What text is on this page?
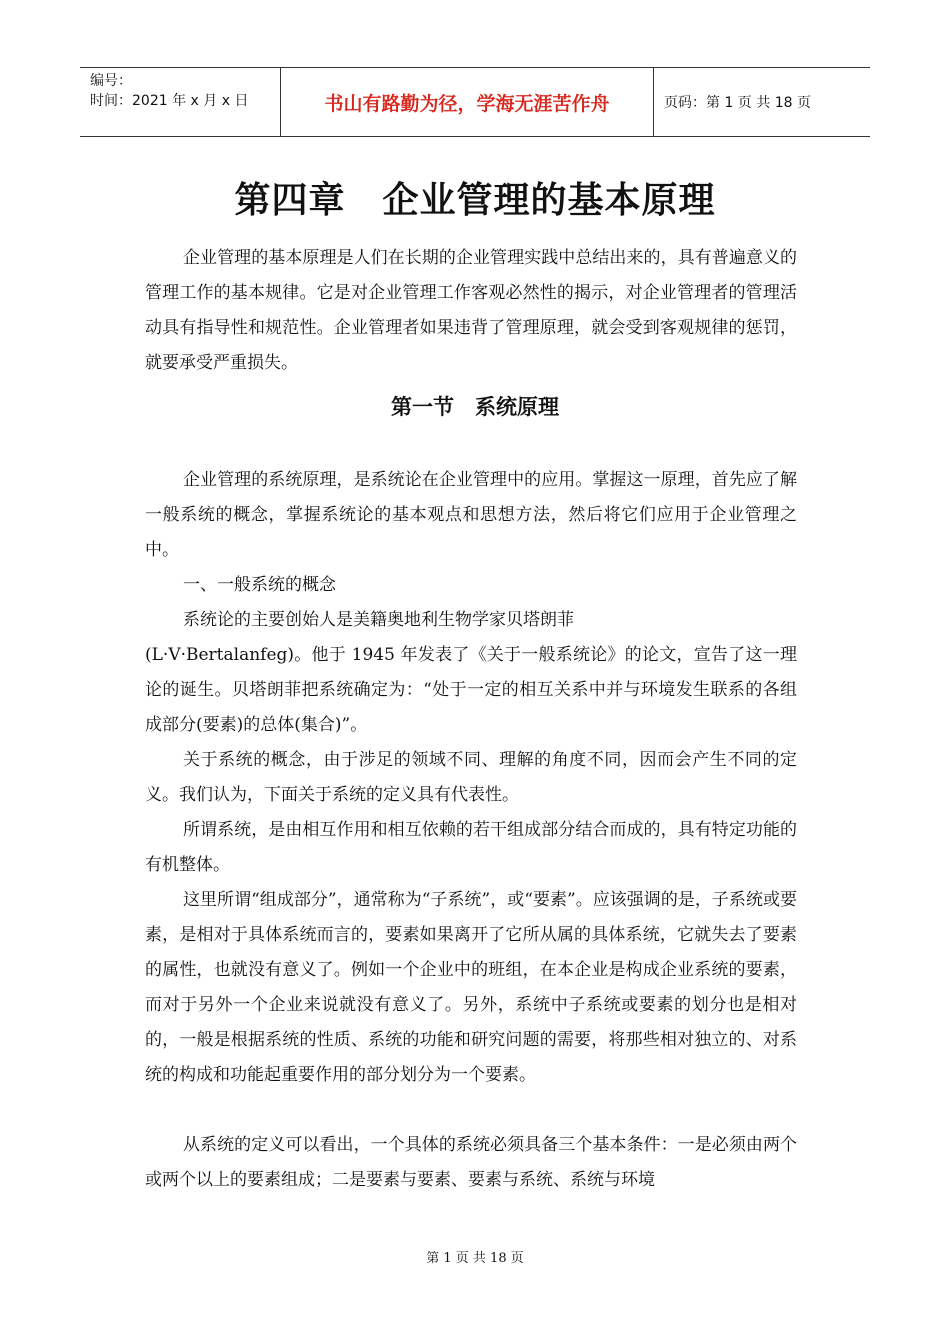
编号：
时间：2021 年 x 月 x 日	书山有路勤为径，学海无涯苦作舟	页码：第 1 页 共 18 页
第四章　企业管理的基本原理

企业管理的基本原理是人们在长期的企业管理实践中总结出来的，具有普遍意义的管理工作的基本规律。它是对企业管理工作客观必然性的揭示，对企业管理者的管理活动具有指导性和规范性。企业管理者如果违背了管理原理，就会受到客观规律的惩罚，就要承受严重损失。

第一节　系统原理

企业管理的系统原理，是系统论在企业管理中的应用。掌握这一原理，首先应了解一般系统的概念，掌握系统论的基本观点和思想方法，然后将它们应用于企业管理之中。

一、一般系统的概念

系统论的主要创始人是美籍奥地利生物学家贝塔朗菲

(L·V·Bertalanfeg)。他于 1945 年发表了《关于一般系统论》的论文，宣告了这一理论的诞生。贝塔朗菲把系统确定为：“处于一定的相互关系中并与环境发生联系的各组成部分(要素)的总体(集合)”。

关于系统的概念，由于涉足的领域不同、理解的角度不同，因而会产生不同的定义。我们认为，下面关于系统的定义具有代表性。

所谓系统，是由相互作用和相互依赖的若干组成部分结合而成的，具有特定功能的有机整体。

这里所谓“组成部分”，通常称为“子系统”，或“要素”。应该强调的是，子系统或要素，是相对于具体系统而言的，要素如果离开了它所从属的具体系统，它就失去了要素的属性，也就没有意义了。例如一个企业中的班组，在本企业是构成企业系统的要素，而对于另外一个企业来说就没有意义了。另外，系统中子系统或要素的划分也是相对的，一般是根据系统的性质、系统的功能和研究问题的需要，将那些相对独立的、对系统的构成和功能起重要作用的部分划分为一个要素。

从系统的定义可以看出，一个具体的系统必须具备三个基本条件：一是必须由两个或两个以上的要素组成；二是要素与要素、要素与系统、系统与环境

第 1 页 共 18 页
